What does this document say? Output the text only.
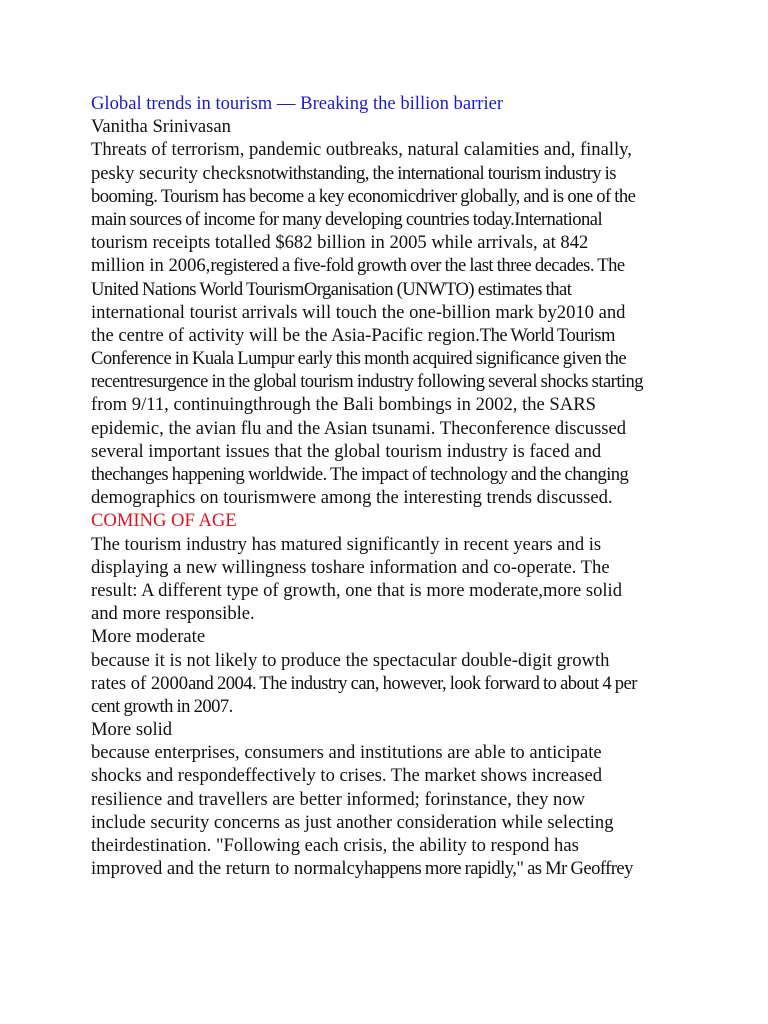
Global trends in tourism — Breaking the billion barrier
Vanitha Srinivasan
Threats of terrorism, pandemic outbreaks, natural calamities and, finally,
pesky security checksnotwithstanding, the international tourism industry is
booming. Tourism has become a key economicdriver globally, and is one of the
main sources of income for many developing countries today.International
tourism receipts totalled $682 billion in 2005 while arrivals, at 842
million in 2006,registered a five-fold growth over the last three decades. The
United Nations World TourismOrganisation (UNWTO) estimates that
international tourist arrivals will touch the one-billion mark by2010 and
the centre of activity will be the Asia-Pacific region.The World Tourism
Conference in Kuala Lumpur early this month acquired significance given the
recentresurgence in the global tourism industry following several shocks starting
from 9/11, continuingthrough the Bali bombings in 2002, the SARS
epidemic, the avian flu and the Asian tsunami. Theconference discussed
several important issues that the global tourism industry is faced and
thechanges happening worldwide. The impact of technology and the changing
demographics on tourismwere among the interesting trends discussed.
COMING OF AGE
The tourism industry has matured significantly in recent years and is
displaying a new willingness toshare information and co-operate. The
result: A different type of growth, one that is more moderate,more solid
and more responsible.
More moderate
because it is not likely to produce the spectacular double-digit growth
rates of 2000and 2004. The industry can, however, look forward to about 4 per
cent growth in 2007.
More solid
because enterprises, consumers and institutions are able to anticipate
shocks and respondeffectively to crises. The market shows increased
resilience and travellers are better informed; forinstance, they now
include security concerns as just another consideration while selecting
theirdestination. "Following each crisis, the ability to respond has
improved and the return to normalcyhappens more rapidly," as Mr Geoffrey
